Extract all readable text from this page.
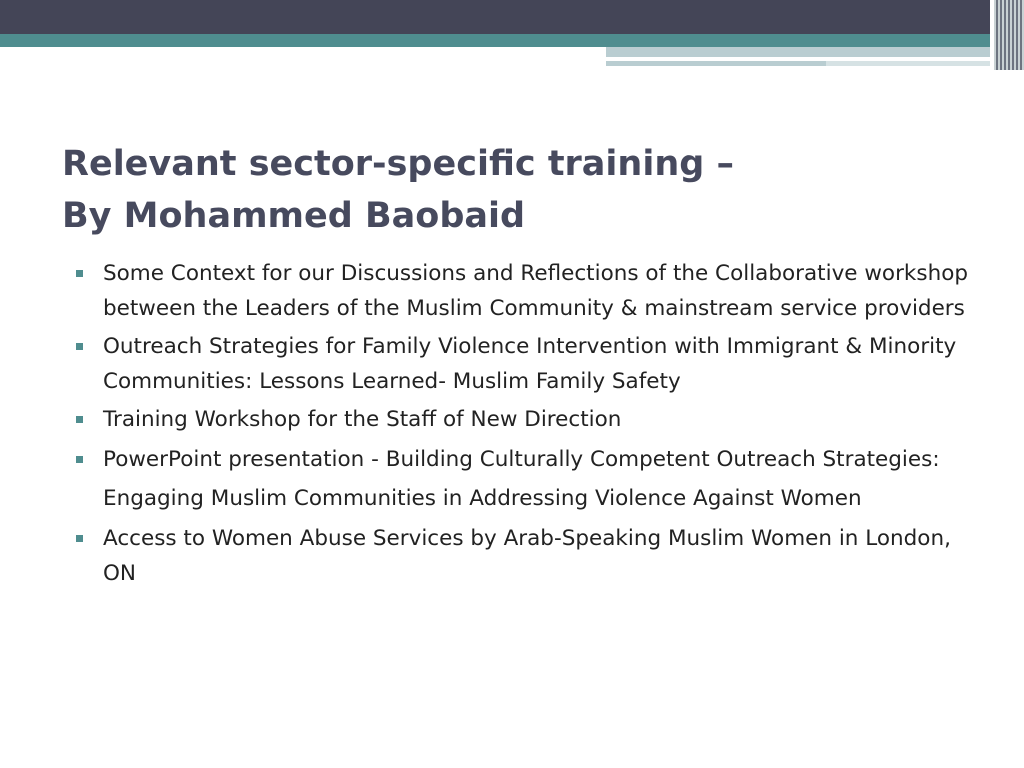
Relevant sector-specific training –
By Mohammed Baobaid
Some Context for our Discussions and Reflections of the Collaborative workshop between the Leaders of the Muslim Community & mainstream service providers
Outreach Strategies for Family Violence Intervention with Immigrant & Minority Communities: Lessons Learned- Muslim Family Safety
Training Workshop for the Staff of New Direction
PowerPoint presentation - Building Culturally Competent Outreach Strategies: Engaging Muslim Communities in Addressing Violence Against Women
Access to Women Abuse Services by Arab-Speaking Muslim Women in London, ON
